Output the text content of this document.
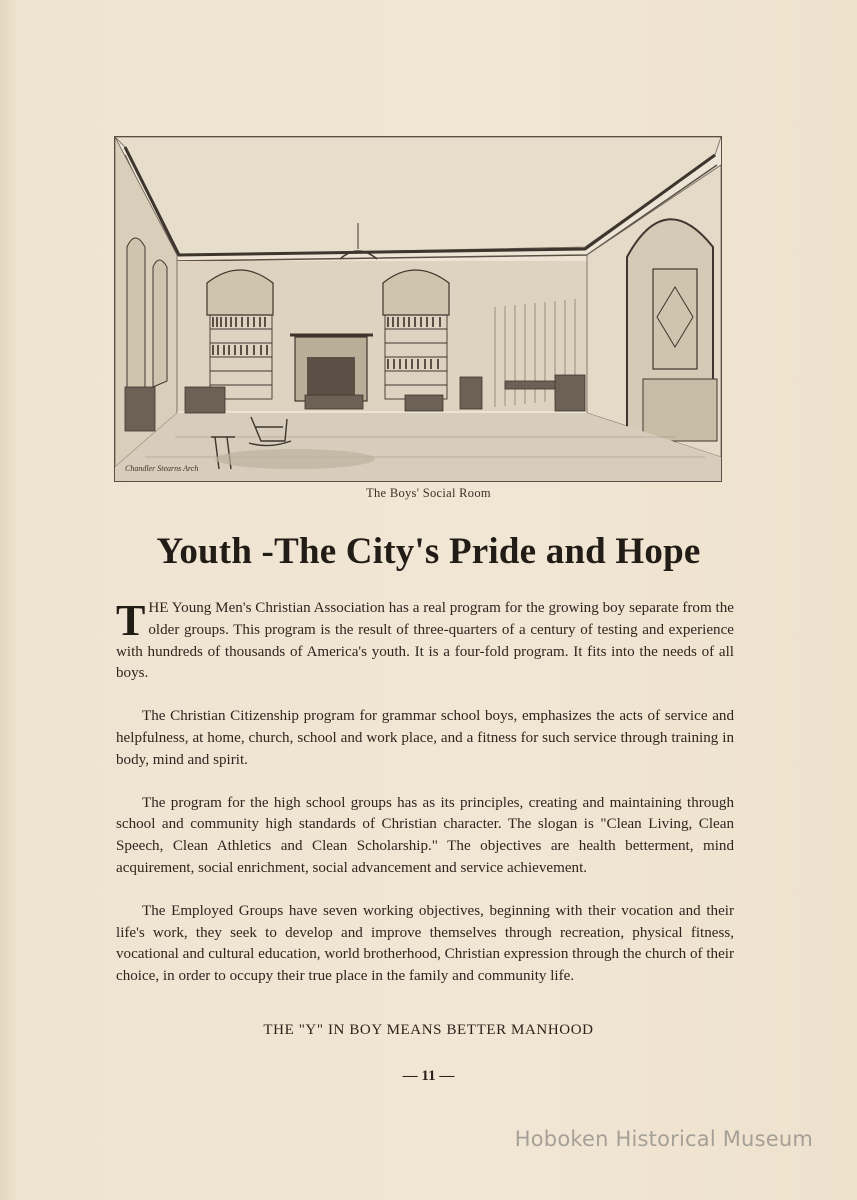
Chandler Stearns Arch
The Boys' Social Room
Youth -The City's Pride and Hope

THE Young Men's Christian Association has a real program for the growing boy separate from the older groups. This program is the result of three-quarters of a century of testing and experience with hundreds of thousands of America's youth. It is a four-fold program. It fits into the needs of all boys.

The Christian Citizenship program for grammar school boys, emphasizes the acts of service and helpfulness, at home, church, school and work place, and a fitness for such service through training in body, mind and spirit.

The program for the high school groups has as its principles, creating and maintaining through school and community high standards of Christian character. The slogan is "Clean Living, Clean Speech, Clean Athletics and Clean Scholarship." The objectives are health betterment, mind acquirement, social enrichment, social advancement and service achievement.

The Employed Groups have seven working objectives, beginning with their vocation and their life's work, they seek to develop and improve themselves through recreation, physical fitness, vocational and cultural education, world brotherhood, Christian expression through the church of their choice, in order to occupy their true place in the family and community life.

THE "Y" IN BOY MEANS BETTER MANHOOD
— 11 —
Hoboken Historical Museum
